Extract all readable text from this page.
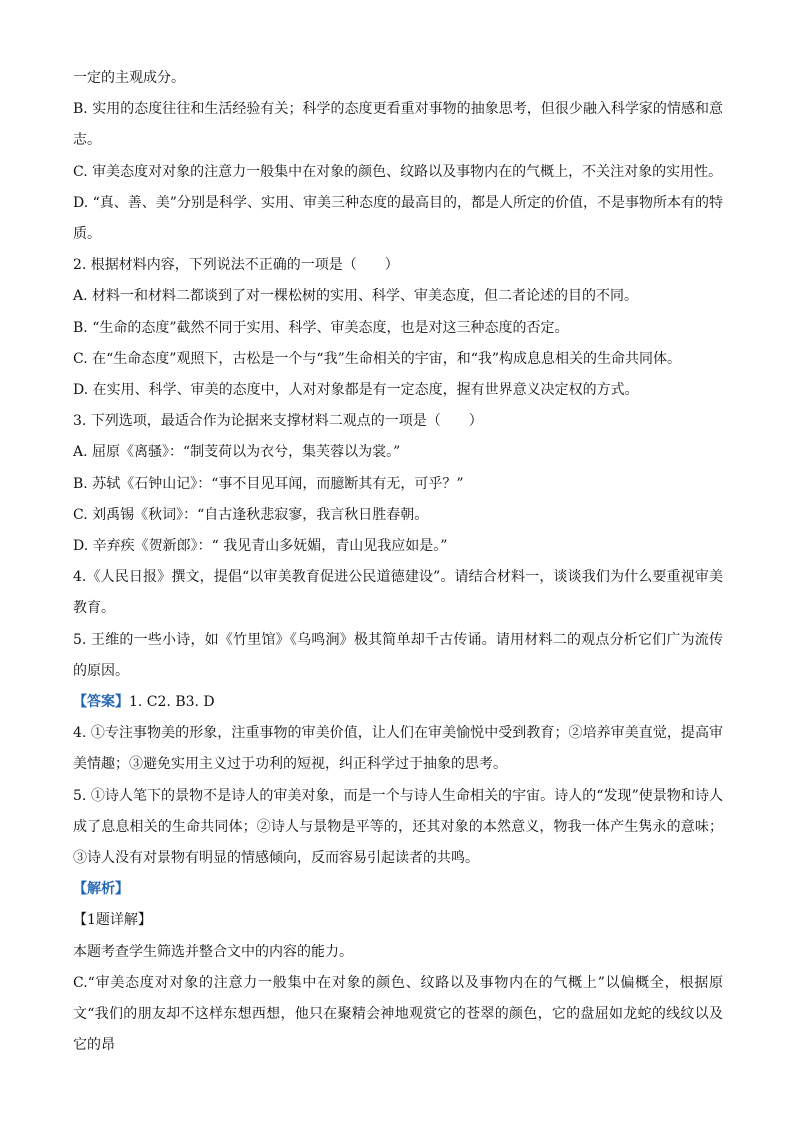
一定的主观成分。

B. 实用的态度往往和生活经验有关；科学的态度更看重对事物的抽象思考，但很少融入科学家的情感和意志。

C. 审美态度对对象的注意力一般集中在对象的颜色、纹路以及事物内在的气概上，不关注对象的实用性。

D. “真、善、美”分别是科学、实用、审美三种态度的最高目的，都是人所定的价值，不是事物所本有的特质。

2. 根据材料内容，下列说法不正确的一项是（　　）

A. 材料一和材料二都谈到了对一棵松树的实用、科学、审美态度，但二者论述的目的不同。

B. “生命的态度”截然不同于实用、科学、审美态度，也是对这三种态度的否定。

C. 在“生命态度”观照下，古松是一个与“我”生命相关的宇宙，和“我”构成息息相关的生命共同体。

D. 在实用、科学、审美的态度中，人对对象都是有一定态度，握有世界意义决定权的方式。

3. 下列选项，最适合作为论据来支撑材料二观点的一项是（　　）

A. 屈原《离骚》：“制芰荷以为衣兮，集芙蓉以为裳。”

B. 苏轼《石钟山记》：“事不目见耳闻，而臆断其有无，可乎？”

C. 刘禹锡《秋词》：“自古逢秋悲寂寥，我言秋日胜春朝。

D. 辛弃疾《贺新郎》：“ 我见青山多妩媚，青山见我应如是。”

4.《人民日报》撰文，提倡“以审美教育促进公民道德建设”。请结合材料一，谈谈我们为什么要重视审美教育。

5. 王维的一些小诗，如《竹里馆》《乌鸣涧》极其简单却千古传诵。请用材料二的观点分析它们广为流传的原因。

【答案】1. C2. B3. D

4. ①专注事物美的形象，注重事物的审美价值，让人们在审美愉悦中受到教育；②培养审美直觉，提高审美情趣；③避免实用主义过于功利的短视，纠正科学过于抽象的思考。

5. ①诗人笔下的景物不是诗人的审美对象，而是一个与诗人生命相关的宇宙。诗人的“发现”使景物和诗人成了息息相关的生命共同体；②诗人与景物是平等的，还其对象的本然意义，物我一体产生隽永的意味；③诗人没有对景物有明显的情感倾向，反而容易引起读者的共鸣。

【解析】

【1题详解】

本题考查学生筛选并整合文中的内容的能力。

C.“审美态度对对象的注意力一般集中在对象的颜色、纹路以及事物内在的气概上”以偏概全，根据原文“我们的朋友却不这样东想西想，他只在聚精会神地观赏它的苍翠的颜色，它的盘屈如龙蛇的线纹以及它的昂
